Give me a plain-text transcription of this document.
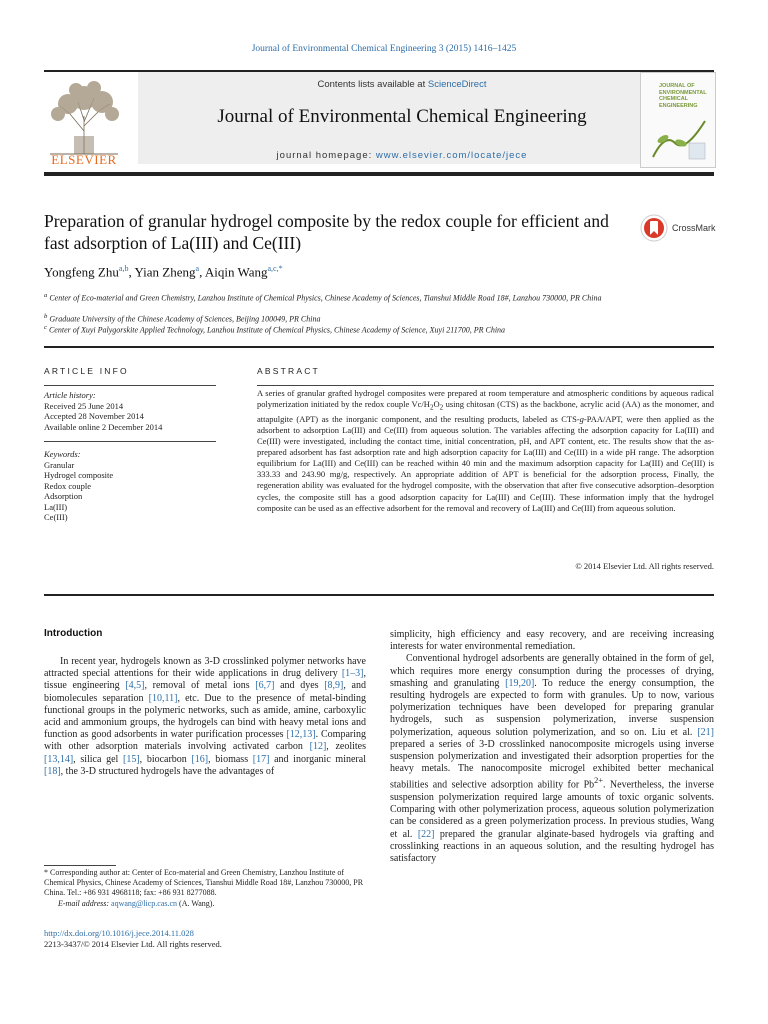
Journal of Environmental Chemical Engineering 3 (2015) 1416–1425
ELSEVIER
Contents lists available at ScienceDirect
Journal of Environmental Chemical Engineering
journal homepage: www.elsevier.com/locate/jece
JOURNAL OF ENVIRONMENTAL CHEMICAL ENGINEERING
Preparation of granular hydrogel composite by the redox couple for efficient and fast adsorption of La(III) and Ce(III)
CrossMark
Yongfeng Zhu$^{a,b}$, Yian Zheng$^a$, Aiqin Wang$^{a,c,*}$
$^a$ Center of Eco-material and Green Chemistry, Lanzhou Institute of Chemical Physics, Chinese Academy of Sciences, Tianshui Middle Road 18#, Lanzhou 730000, PR China
$^b$ Graduate University of the Chinese Academy of Sciences, Beijing 100049, PR China
$^c$ Center of Xuyi Palygorskite Applied Technology, Lanzhou Institute of Chemical Physics, Chinese Academy of Science, Xuyi 211700, PR China
ARTICLE INFO
Article history:
Received 25 June 2014
Accepted 28 November 2014
Available online 2 December 2014
Keywords:
Granular
Hydrogel composite
Redox couple
Adsorption
La(III)
Ce(III)
ABSTRACT
A series of granular grafted hydrogel composites were prepared at room temperature and atmospheric conditions by aqueous radical polymerization initiated by the redox couple $Vc/H_2O_2$ using chitosan (CTS) as the backbone, acrylic acid (AA) as the monomer, and attapulgite (APT) as the inorganic component, and the resulting products, labeled as CTS-g-PAA/APT, were then applied as the adsorbent to adsorption La(III) and Ce(III) from aqueous solution. The variables affecting the adsorption capacity for La(III) and Ce(III) were investigated, including the contact time, initial concentration, pH, and APT content, etc. The results show that the as-prepared adsorbent has fast adsorption rate and high adsorption capacity for La(III) and Ce(III) in a wide pH range. The adsorption equilibrium for La(III) and Ce(III) can be reached within 40 min and the maximum adsorption capacity for La(III) and Ce(III) is 333.33 and 243.90 mg/g, respectively. An appropriate addition of APT is beneficial for the adsorption process, Finally, the regeneration ability was evaluated for the hydrogel composite, with the observation that after five consecutive adsorption–desorption cycles, the composite still has a good adsorption capacity for La(III) and Ce(III). These information imply that the hydrogel composite can be used as an effective adsorbent for the removal and recovery of La(III) and Ce(III) from aqueous solution.
© 2014 Elsevier Ltd. All rights reserved.
Introduction

In recent year, hydrogels known as 3-D crosslinked polymer networks have attracted special attentions for their wide applications in drug delivery [1–3], tissue engineering [4,5], removal of metal ions [6,7] and dyes [8,9], and biomolecules separation [10,11], etc. Due to the presence of metal-binding functional groups in the polymeric networks, such as amide, amine, carboxylic acid and ammonium groups, the hydrogels can bind with heavy metal ions and function as good adsorbents in water purification processes [12,13]. Comparing with other adsorption materials involving activated carbon [12], zeolites [13,14], silica gel [15], biocarbon [16], biomass [17] and inorganic mineral [18], the 3-D structured hydrogels have the advantages of

simplicity, high efficiency and easy recovery, and are receiving increasing interests for water environmental remediation.

Conventional hydrogel adsorbents are generally obtained in the form of gel, which requires more energy consumption during the processes of drying, smashing and granulating [19,20]. To reduce the energy consumption, the resulting hydrogels are expected to form with granules. Up to now, various polymerization techniques have been developed for preparing granular hydrogels, such as suspension polymerization, inverse suspension polymerization, aqueous solution polymerization, and so on. Liu et al. [21] prepared a series of 3-D crosslinked nanocomposite microgels using inverse suspension polymerization and investigated their adsorption properties for the heavy metals. The nanocomposite microgel exhibited better mechanical stabilities and selective adsorption ability for $Pb^{2+}$. Nevertheless, the inverse suspension polymerization required large amounts of toxic organic solvents. Comparing with other polymerization process, aqueous solution polymerization can be considered as a green polymerization process. In previous studies, Wang et al. [22] prepared the granular alginate-based hydrogels via grafting and crosslinking reactions in an aqueous solution, and the resulting hydrogel has satisfactory

* Corresponding author at: Center of Eco-material and Green Chemistry, Lanzhou Institute of Chemical Physics, Chinese Academy of Sciences, Tianshui Middle Road 18#, Lanzhou 730000, PR China. Tel.: +86 931 4968118; fax: +86 931 8277088.
E-mail address: aqwang@licp.cas.cn (A. Wang).
http://dx.doi.org/10.1016/j.jece.2014.11.028
2213-3437/© 2014 Elsevier Ltd. All rights reserved.
